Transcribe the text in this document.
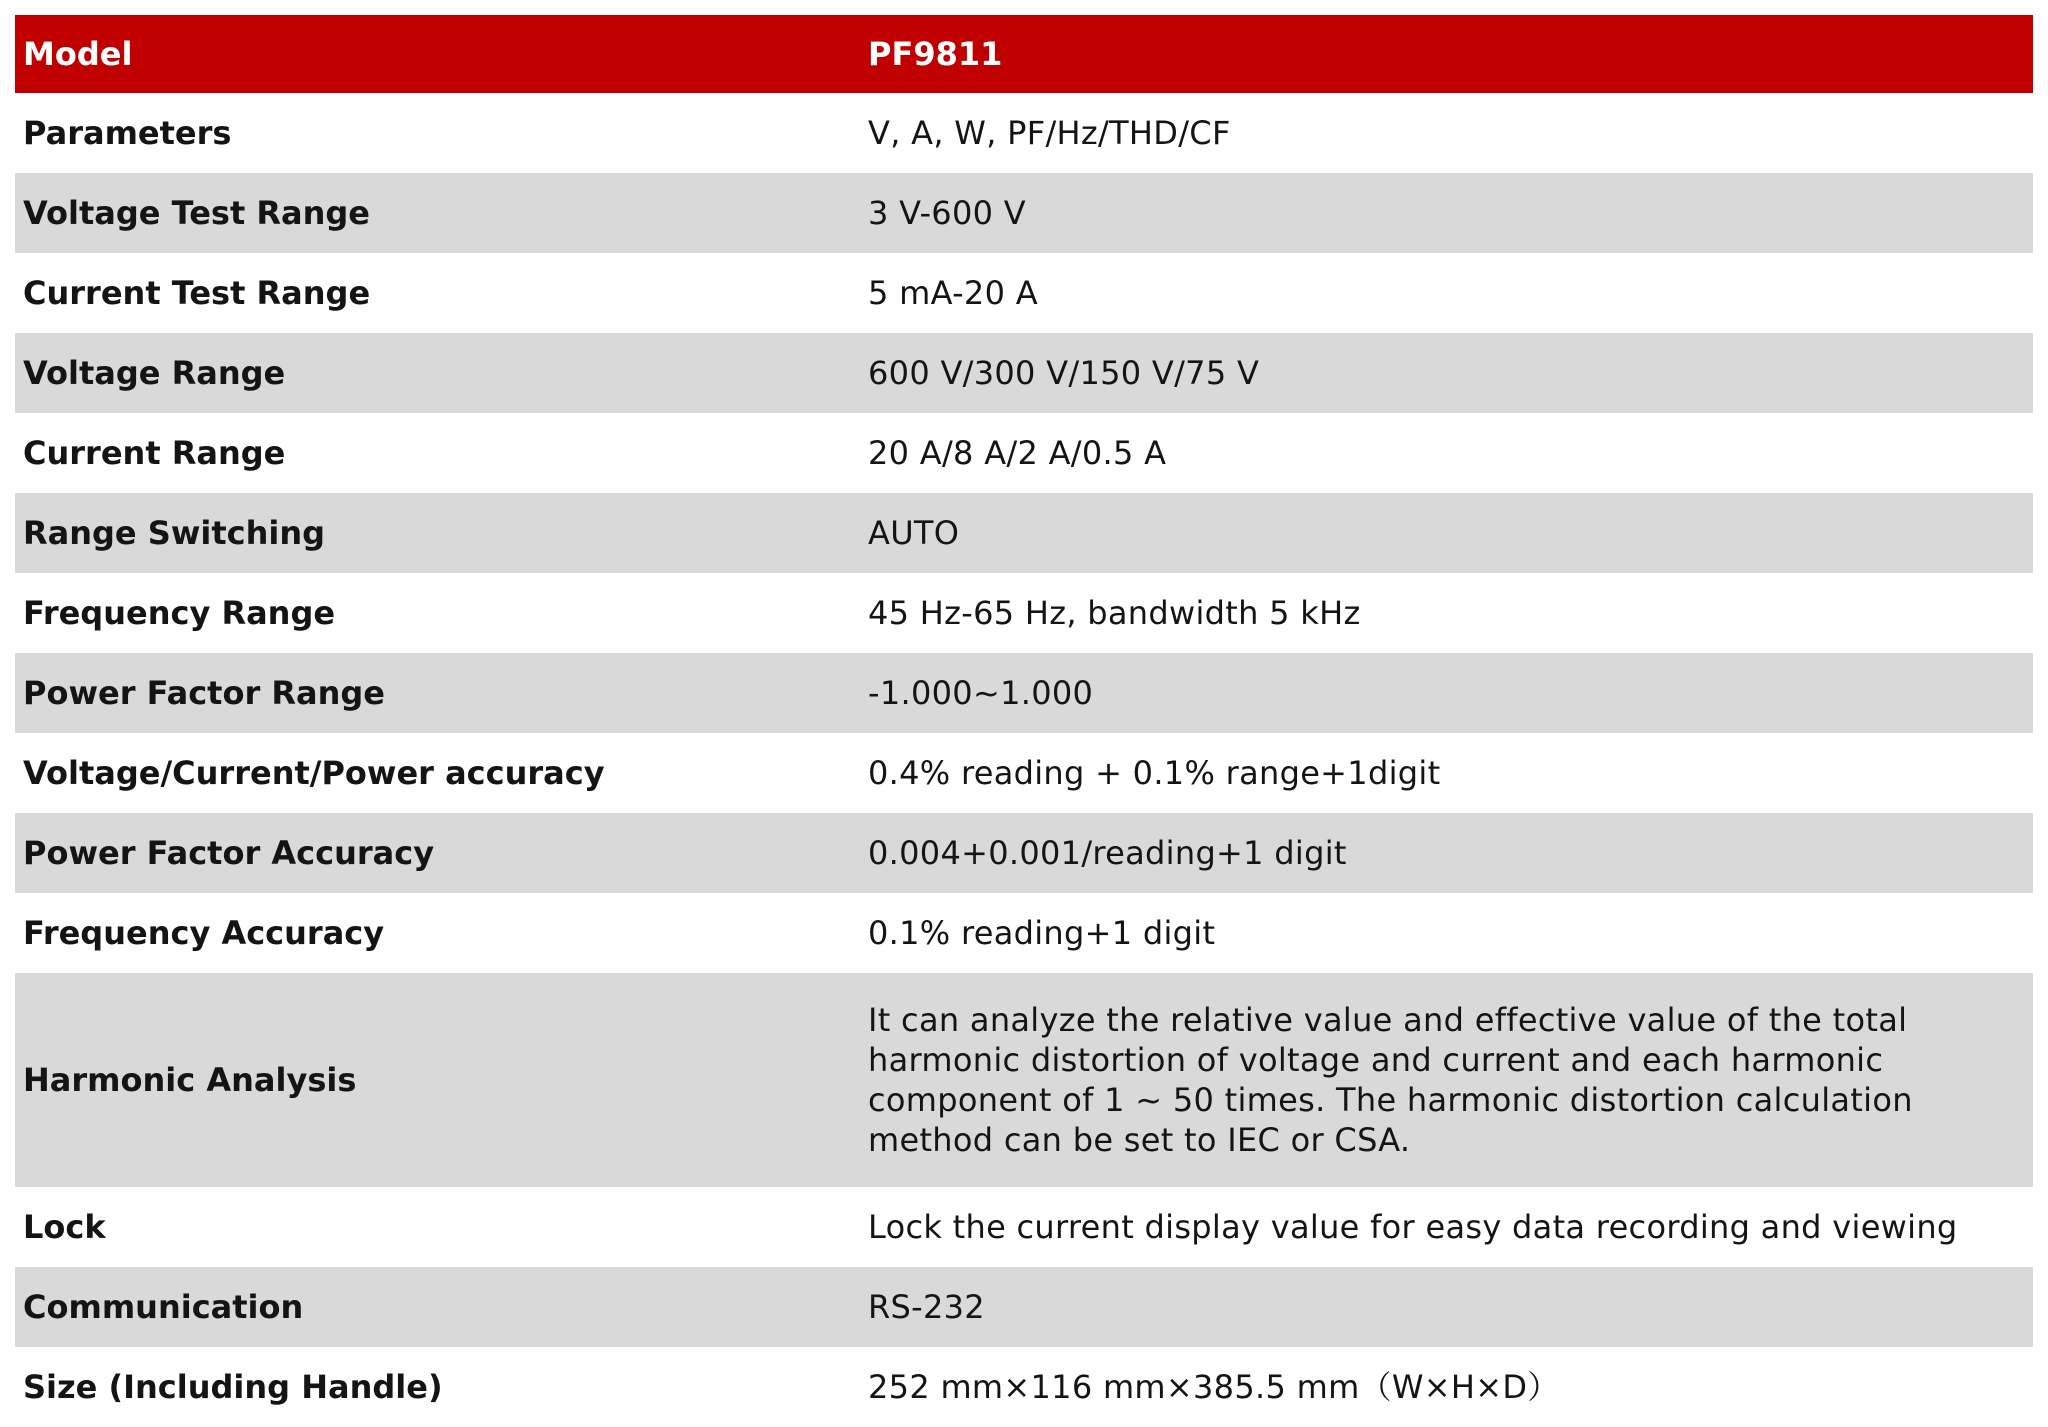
Model	PF9811
Parameters	V, A, W, PF/Hz/THD/CF
Voltage Test Range	3 V-600 V
Current Test Range	5 mA-20 A
Voltage Range	600 V/300 V/150 V/75 V
Current Range	20 A/8 A/2 A/0.5 A
Range Switching	AUTO
Frequency Range	45 Hz-65 Hz, bandwidth 5 kHz
Power Factor Range	-1.000~1.000
Voltage/Current/Power accuracy	0.4% reading + 0.1% range+1digit
Power Factor Accuracy	0.004+0.001/reading+1 digit
Frequency Accuracy	0.1% reading+1 digit
Harmonic Analysis	It can analyze the relative value and effective value of the total harmonic distortion of voltage and current and each harmonic component of 1 ~ 50 times. The harmonic distortion calculation method can be set to IEC or CSA.
Lock	Lock the current display value for easy data recording and viewing
Communication	RS-232
Size (Including Handle)	252 mm×116 mm×385.5 mm（W×H×D）
